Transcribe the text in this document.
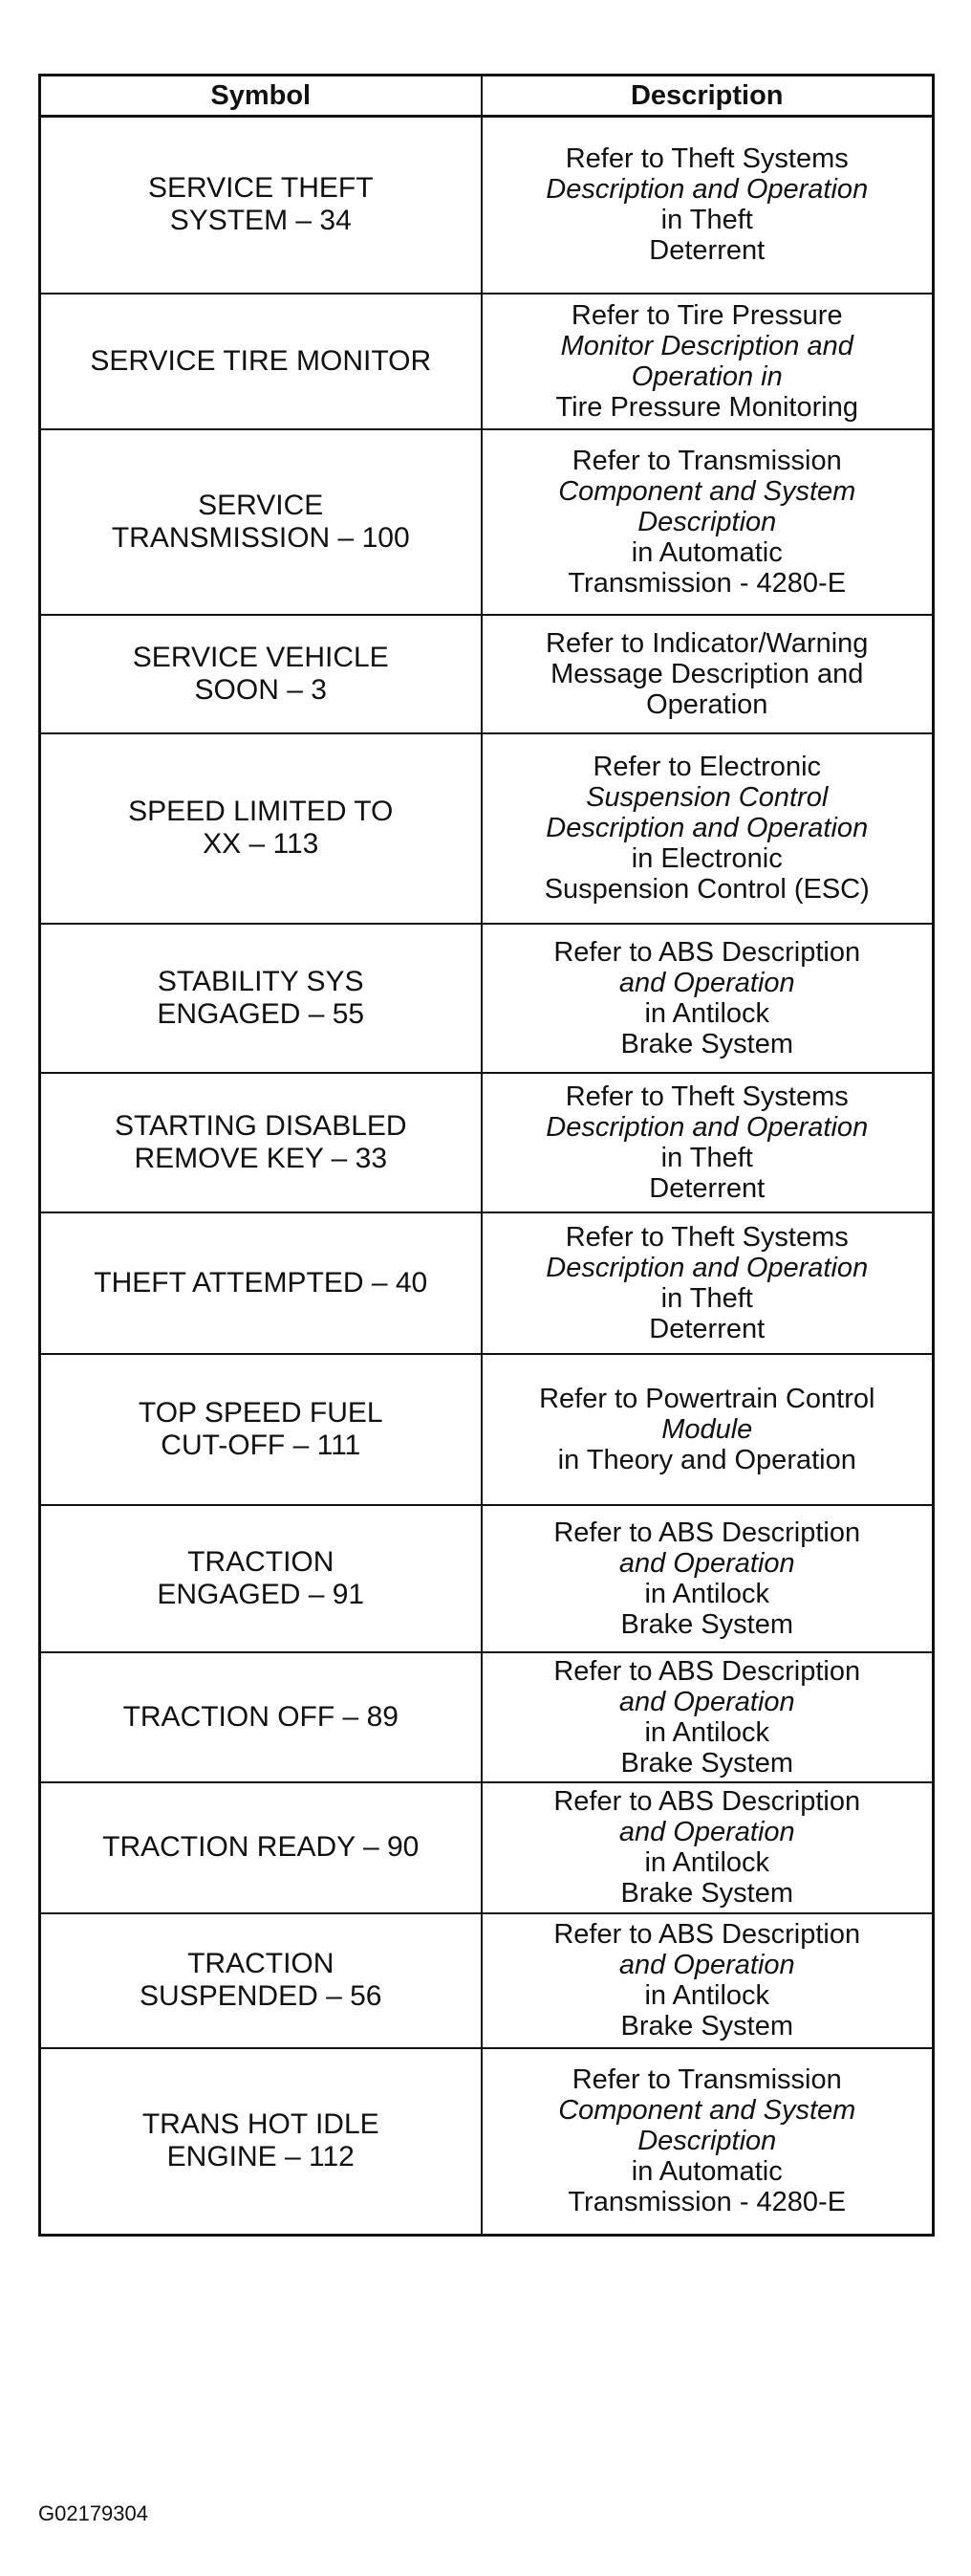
Symbol	Description

SERVICE THEFT
SYSTEM – 34	Refer to Theft Systems
Description and Operation
in Theft
Deterrent

SERVICE TIRE MONITOR	Refer to Tire Pressure
Monitor Description and
Operation in
Tire Pressure Monitoring

SERVICE
TRANSMISSION – 100	Refer to Transmission
Component and System
Description
in Automatic
Transmission - 4280-E

SERVICE VEHICLE
SOON – 3	Refer to Indicator/Warning
Message Description and
Operation

SPEED LIMITED TO
XX – 113	Refer to Electronic
Suspension Control
Description and Operation
in Electronic
Suspension Control (ESC)

STABILITY SYS
ENGAGED – 55	Refer to ABS Description
and Operation
in Antilock
Brake System

STARTING DISABLED
REMOVE KEY – 33	Refer to Theft Systems
Description and Operation
in Theft
Deterrent

THEFT ATTEMPTED – 40	Refer to Theft Systems
Description and Operation
in Theft
Deterrent

TOP SPEED FUEL
CUT-OFF – 111	Refer to Powertrain Control
Module
in Theory and Operation

TRACTION
ENGAGED – 91	Refer to ABS Description
and Operation
in Antilock
Brake System

TRACTION OFF – 89	Refer to ABS Description
and Operation
in Antilock
Brake System

TRACTION READY – 90	Refer to ABS Description
and Operation
in Antilock
Brake System

TRACTION
SUSPENDED – 56	Refer to ABS Description
and Operation
in Antilock
Brake System

TRANS HOT IDLE
ENGINE – 112	Refer to Transmission
Component and System
Description
in Automatic
Transmission - 4280-E
G02179304
